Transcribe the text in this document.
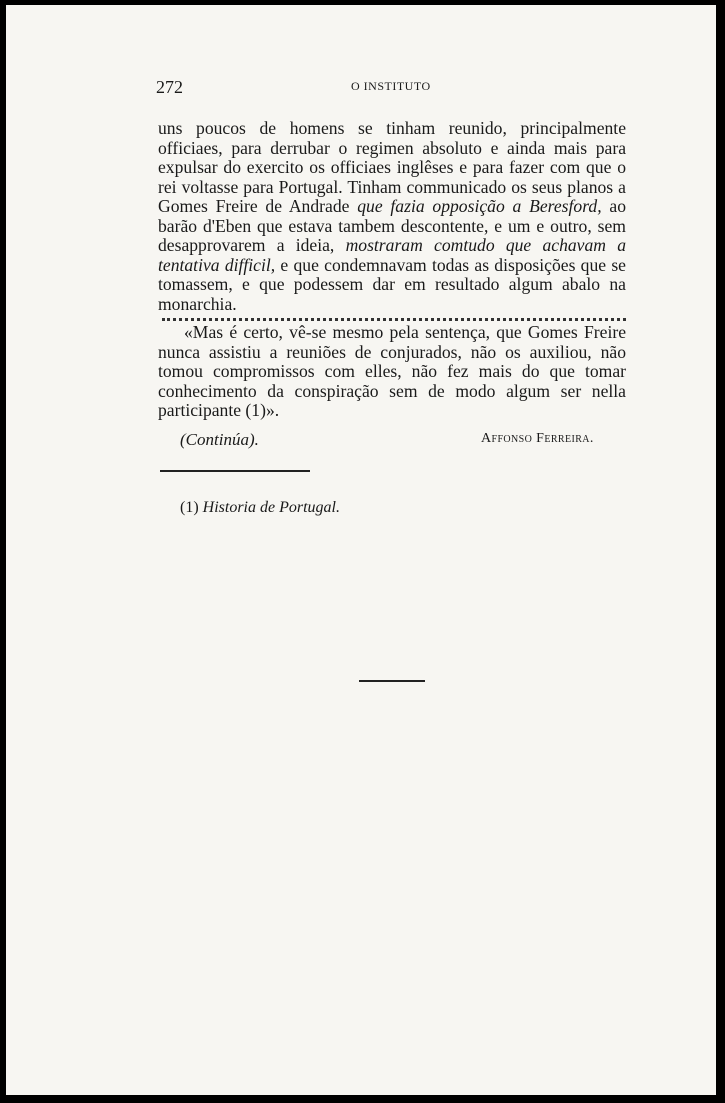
272	O INSTITUTO

uns poucos de homens se tinham reunido, principalmente officiaes, para derrubar o regimen absoluto e ainda mais para expulsar do exercito os officiaes inglêses e para fazer com que o rei voltasse para Portugal. Tinham communicado os seus planos a Gomes Freire de Andrade que fazia opposição a Beresford, ao barão d'Eben que estava tambem descontente, e um e outro, sem desapprovarem a ideia, mostraram comtudo que achavam a tentativa difficil, e que condemnavam todas as disposições que se tomassem, e que podessem dar em resultado algum abalo na monarchia.

«Mas é certo, vê-se mesmo pela sentença, que Gomes Freire nunca assistiu a reuniões de conjurados, não os auxiliou, não tomou compromissos com elles, não fez mais do que tomar conhecimento da conspiração sem de modo algum ser nella participante (1)».

(Continúa).	Affonso Ferreira.
(1) Historia de Portugal.
